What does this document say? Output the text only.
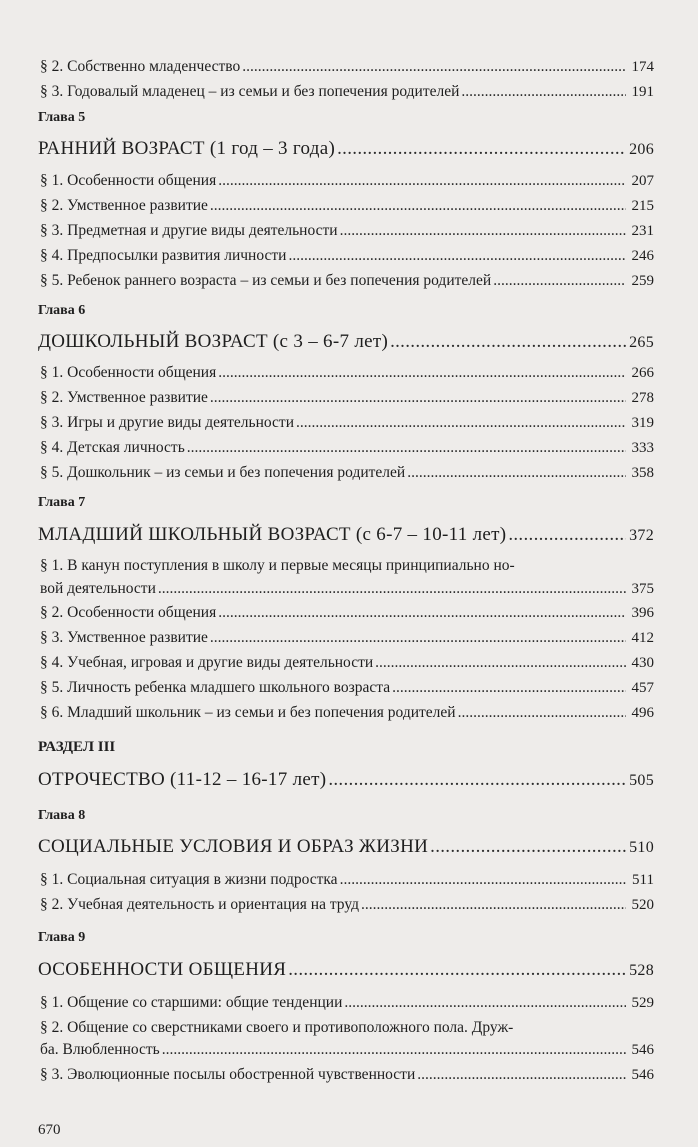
§ 2. Собственно младенчество .....	174
§ 3. Годовалый младенец – из семьи и без попечения родителей .....	191
Глава 5
РАННИЙ ВОЗРАСТ (1 год – 3 года) .....	206
§ 1. Особенности общения .....	207
§ 2. Умственное развитие .....	215
§ 3. Предметная и другие виды деятельности .....	231
§ 4. Предпосылки развития личности .....	246
§ 5. Ребенок раннего возраста – из семьи и без попечения родителей .....	259
Глава 6
ДОШКОЛЬНЫЙ ВОЗРАСТ (с 3 – 6-7 лет) .....	265
§ 1. Особенности общения .....	266
§ 2. Умственное развитие .....	278
§ 3. Игры и другие виды деятельности .....	319
§ 4. Детская личность .....	333
§ 5. Дошкольник – из семьи и без попечения родителей .....	358
Глава 7
МЛАДШИЙ ШКОЛЬНЫЙ ВОЗРАСТ (с 6-7 – 10-11 лет) .....	372
§ 1. В канун поступления в школу и первые месяцы принципиально но-
вой деятельности .....	375
§ 2. Особенности общения .....	396
§ 3. Умственное развитие .....	412
§ 4. Учебная, игровая и другие виды деятельности .....	430
§ 5. Личность ребенка младшего школьного возраста .....	457
§ 6. Младший школьник – из семьи и без попечения родителей .....	496
РАЗДЕЛ III
ОТРОЧЕСТВО (11-12 – 16-17 лет) .....	505
Глава 8
СОЦИАЛЬНЫЕ УСЛОВИЯ И ОБРАЗ ЖИЗНИ .....	510
§ 1. Социальная ситуация в жизни подростка .....	511
§ 2. Учебная деятельность и ориентация на труд .....	520
Глава 9
ОСОБЕННОСТИ ОБЩЕНИЯ .....	528
§ 1. Общение со старшими: общие тенденции .....	529
§ 2. Общение со сверстниками своего и противоположного пола. Друж-
ба. Влюбленность .....	546
§ 3. Эволюционные посылы обостренной чувственности .....	546
670
